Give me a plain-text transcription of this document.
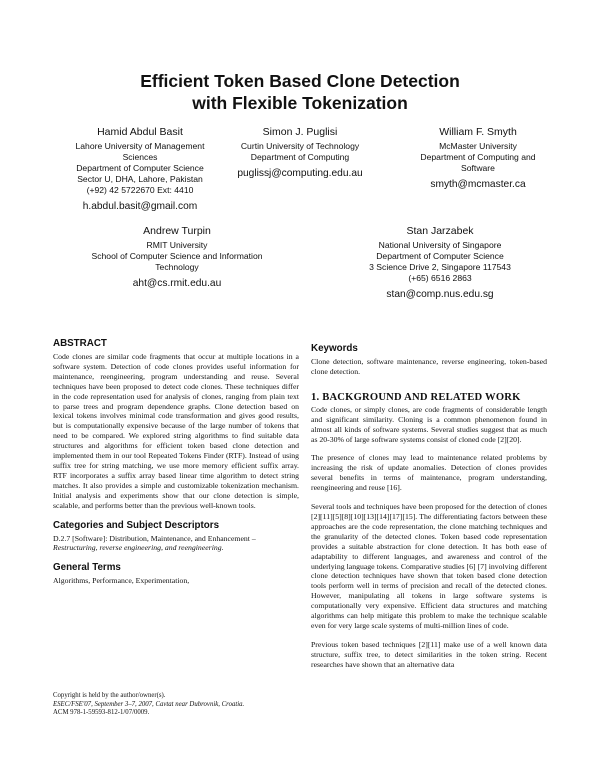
Efficient Token Based Clone Detection
with Flexible Tokenization
Hamid Abdul Basit
Lahore University of Management
Sciences
Department of Computer Science
Sector U, DHA, Lahore, Pakistan
(+92) 42 5722670 Ext: 4410
h.abdul.basit@gmail.com
Simon J. Puglisi
Curtin University of Technology
Department of Computing
puglissj@computing.edu.au
William F. Smyth
McMaster University
Department of Computing and
Software
smyth@mcmaster.ca
Andrew Turpin
RMIT University
School of Computer Science and Information
Technology
aht@cs.rmit.edu.au
Stan Jarzabek
National University of Singapore
Department of Computer Science
3 Science Drive 2, Singapore 117543
(+65) 6516 2863
stan@comp.nus.edu.sg
ABSTRACT

Code clones are similar code fragments that occur at multiple locations in a software system. Detection of code clones provides useful information for maintenance, reengineering, program understanding and reuse. Several techniques have been proposed to detect code clones. These techniques differ in the code representation used for analysis of clones, ranging from plain text to parse trees and program dependence graphs. Clone detection based on lexical tokens involves minimal code transformation and gives good results, but is computationally expensive because of the large number of tokens that need to be compared. We explored string algorithms to find suitable data structures and algorithms for efficient token based clone detection and implemented them in our tool Repeated Tokens Finder (RTF). Instead of using suffix tree for string matching, we use more memory efficient suffix array. RTF incorporates a suffix array based linear time algorithm to detect string matches. It also provides a simple and customizable tokenization mechanism. Initial analysis and experiments show that our clone detection is simple, scalable, and performs better than the previous well-known tools.

Categories and Subject Descriptors
D.2.7 [Software]: Distribution, Maintenance, and Enhancement –

Restructuring, reverse engineering, and reengineering.

General Terms

Algorithms, Performance, Experimentation,

Copyright is held by the author/owner(s).
ESEC/FSE'07, September 3–7, 2007, Cavtat near Dubrovnik, Croatia.
ACM 978-1-59593-812-1/07/0009.
Keywords

Clone detection, software maintenance, reverse engineering, token-based clone detection.

1. BACKGROUND AND RELATED WORK

Code clones, or simply clones, are code fragments of considerable length and significant similarity. Cloning is a common phenomenon found in almost all kinds of software systems. Several studies suggest that as much as 20-30% of large software systems consist of cloned code [2][20].

The presence of clones may lead to maintenance related problems by increasing the risk of update anomalies. Detection of clones provides several benefits in terms of maintenance, program understanding, reengineering and reuse [16].

Several tools and techniques have been proposed for the detection of clones [2][11][5][8][10][13][14][17][15]. The differentiating factors between these approaches are the code representation, the clone matching techniques and the granularity of the detected clones. Token based code representation provides a suitable abstraction for clone detection. It has both ease of adaptability to different languages, and awareness and control of the underlying language tokens. Comparative studies [6] [7] involving different clone detection techniques have shown that token based clone detection tools perform well in terms of precision and recall of the detected clones. However, manipulating all tokens in large software systems is computationally very expensive. Efficient data structures and matching algorithms can help mitigate this problem to make the technique scalable even for very large scale systems of multi-million lines of code.

Previous token based techniques [2][11] make use of a well known data structure, suffix tree, to detect similarities in the token string. Recent researches have shown that an alternative data
